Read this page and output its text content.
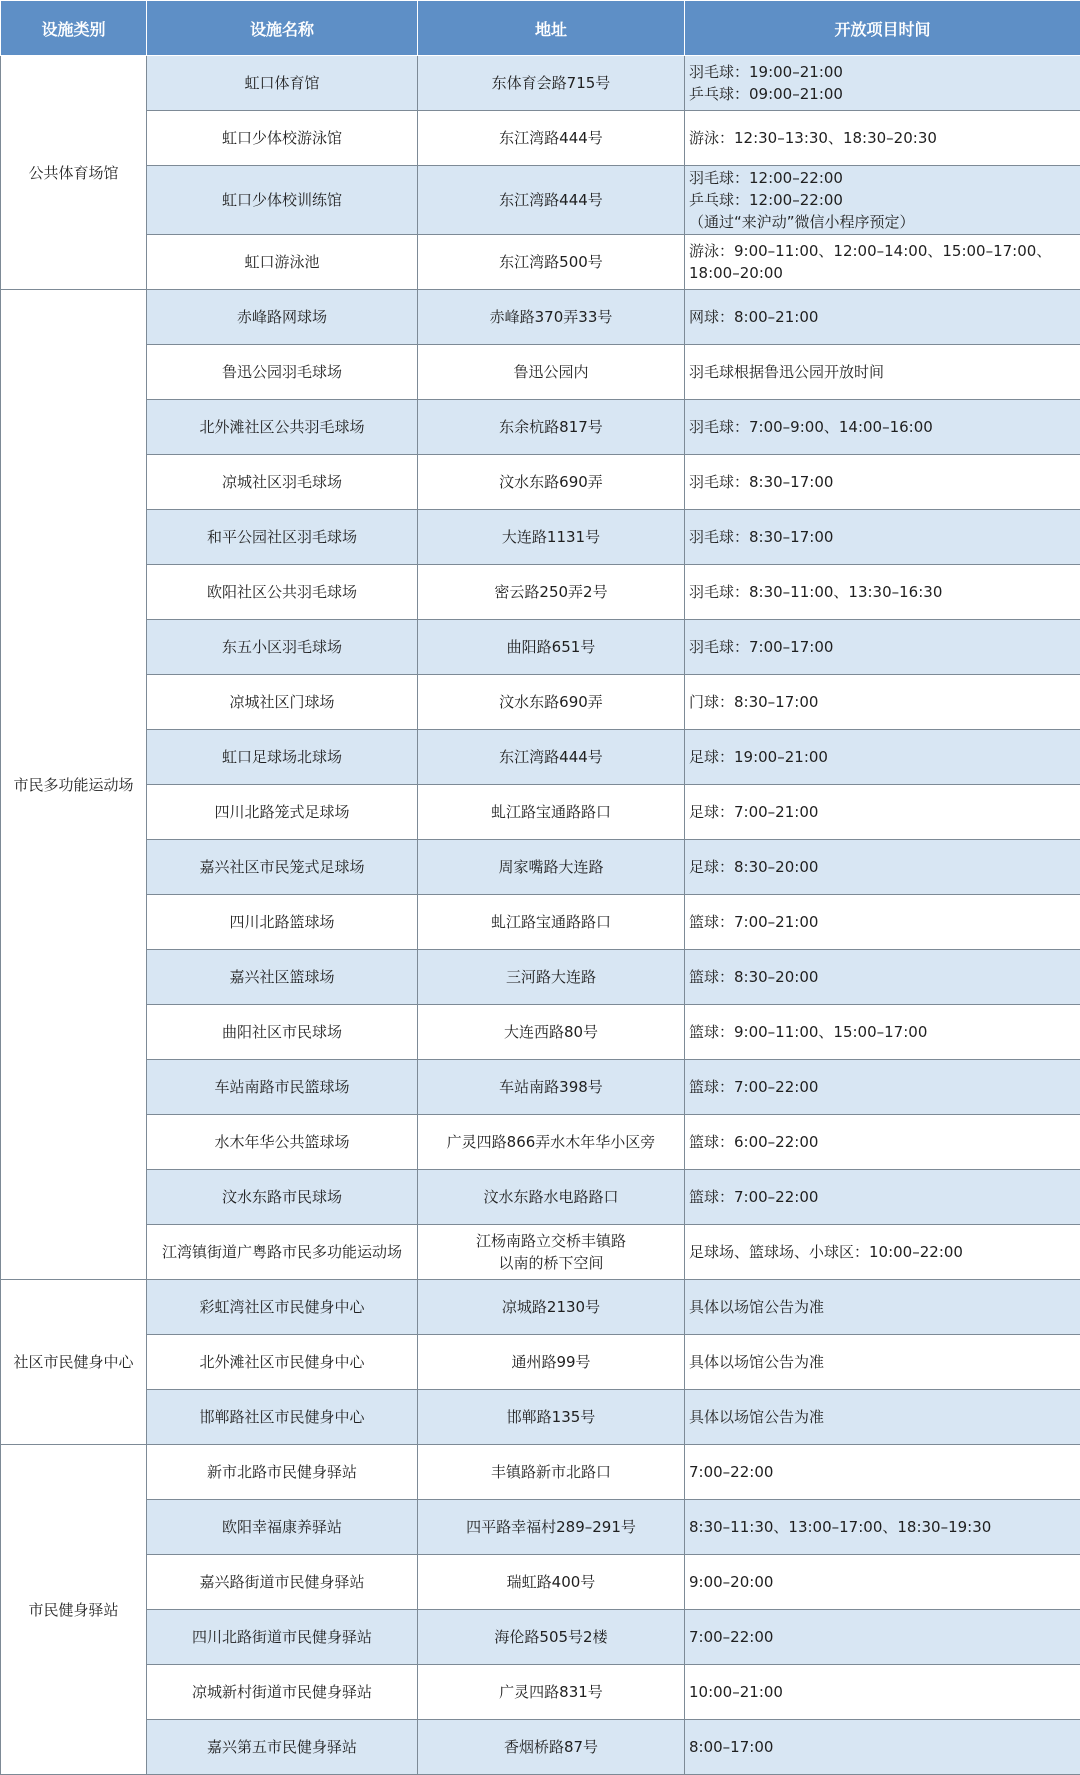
设施类别	设施名称	地址	开放项目时间
公共体育场馆	虹口体育馆	东体育会路715号	羽毛球：19:00–21:00
乒乓球：09:00–21:00

	虹口少体校游泳馆	东江湾路444号	游泳：12:30–13:30、18:30–20:30

	虹口少体校训练馆	东江湾路444号	羽毛球：12:00–22:00
乒乓球：12:00–22:00
（通过“来沪动”微信小程序预定）

	虹口游泳池	东江湾路500号	游泳：9:00–11:00、12:00–14:00、15:00–17:00、18:00–20:00

市民多功能运动场	赤峰路网球场	赤峰路370弄33号	网球：8:00–21:00

	鲁迅公园羽毛球场	鲁迅公园内	羽毛球根据鲁迅公园开放时间

	北外滩社区公共羽毛球场	东余杭路817号	羽毛球：7:00–9:00、14:00–16:00

	凉城社区羽毛球场	汶水东路690弄	羽毛球：8:30–17:00

	和平公园社区羽毛球场	大连路1131号	羽毛球：8:30–17:00

	欧阳社区公共羽毛球场	密云路250弄2号	羽毛球：8:30–11:00、13:30–16:30

	东五小区羽毛球场	曲阳路651号	羽毛球：7:00–17:00

	凉城社区门球场	汶水东路690弄	门球：8:30–17:00

	虹口足球场北球场	东江湾路444号	足球：19:00–21:00

	四川北路笼式足球场	虬江路宝通路路口	足球：7:00–21:00

	嘉兴社区市民笼式足球场	周家嘴路大连路	足球：8:30–20:00

	四川北路篮球场	虬江路宝通路路口	篮球：7:00–21:00

	嘉兴社区篮球场	三河路大连路	篮球：8:30–20:00

	曲阳社区市民球场	大连西路80号	篮球：9:00–11:00、15:00–17:00

	车站南路市民篮球场	车站南路398号	篮球：7:00–22:00

	水木年华公共篮球场	广灵四路866弄水木年华小区旁	篮球：6:00–22:00

	汶水东路市民球场	汶水东路水电路路口	篮球：7:00–22:00

	江湾镇街道广粤路市民多功能运动场	江杨南路立交桥丰镇路
以南的桥下空间	足球场、篮球场、小球区：10:00–22:00

社区市民健身中心	彩虹湾社区市民健身中心	凉城路2130号	具体以场馆公告为准

	北外滩社区市民健身中心	通州路99号	具体以场馆公告为准

	邯郸路社区市民健身中心	邯郸路135号	具体以场馆公告为准

市民健身驿站	新市北路市民健身驿站	丰镇路新市北路口	7:00–22:00

	欧阳幸福康养驿站	四平路幸福村289–291号	8:30–11:30、13:00–17:00、18:30–19:30

	嘉兴路街道市民健身驿站	瑞虹路400号	9:00–20:00

	四川北路街道市民健身驿站	海伦路505号2楼	7:00–22:00

	凉城新村街道市民健身驿站	广灵四路831号	10:00–21:00

	嘉兴第五市民健身驿站	香烟桥路87号	8:00–17:00
